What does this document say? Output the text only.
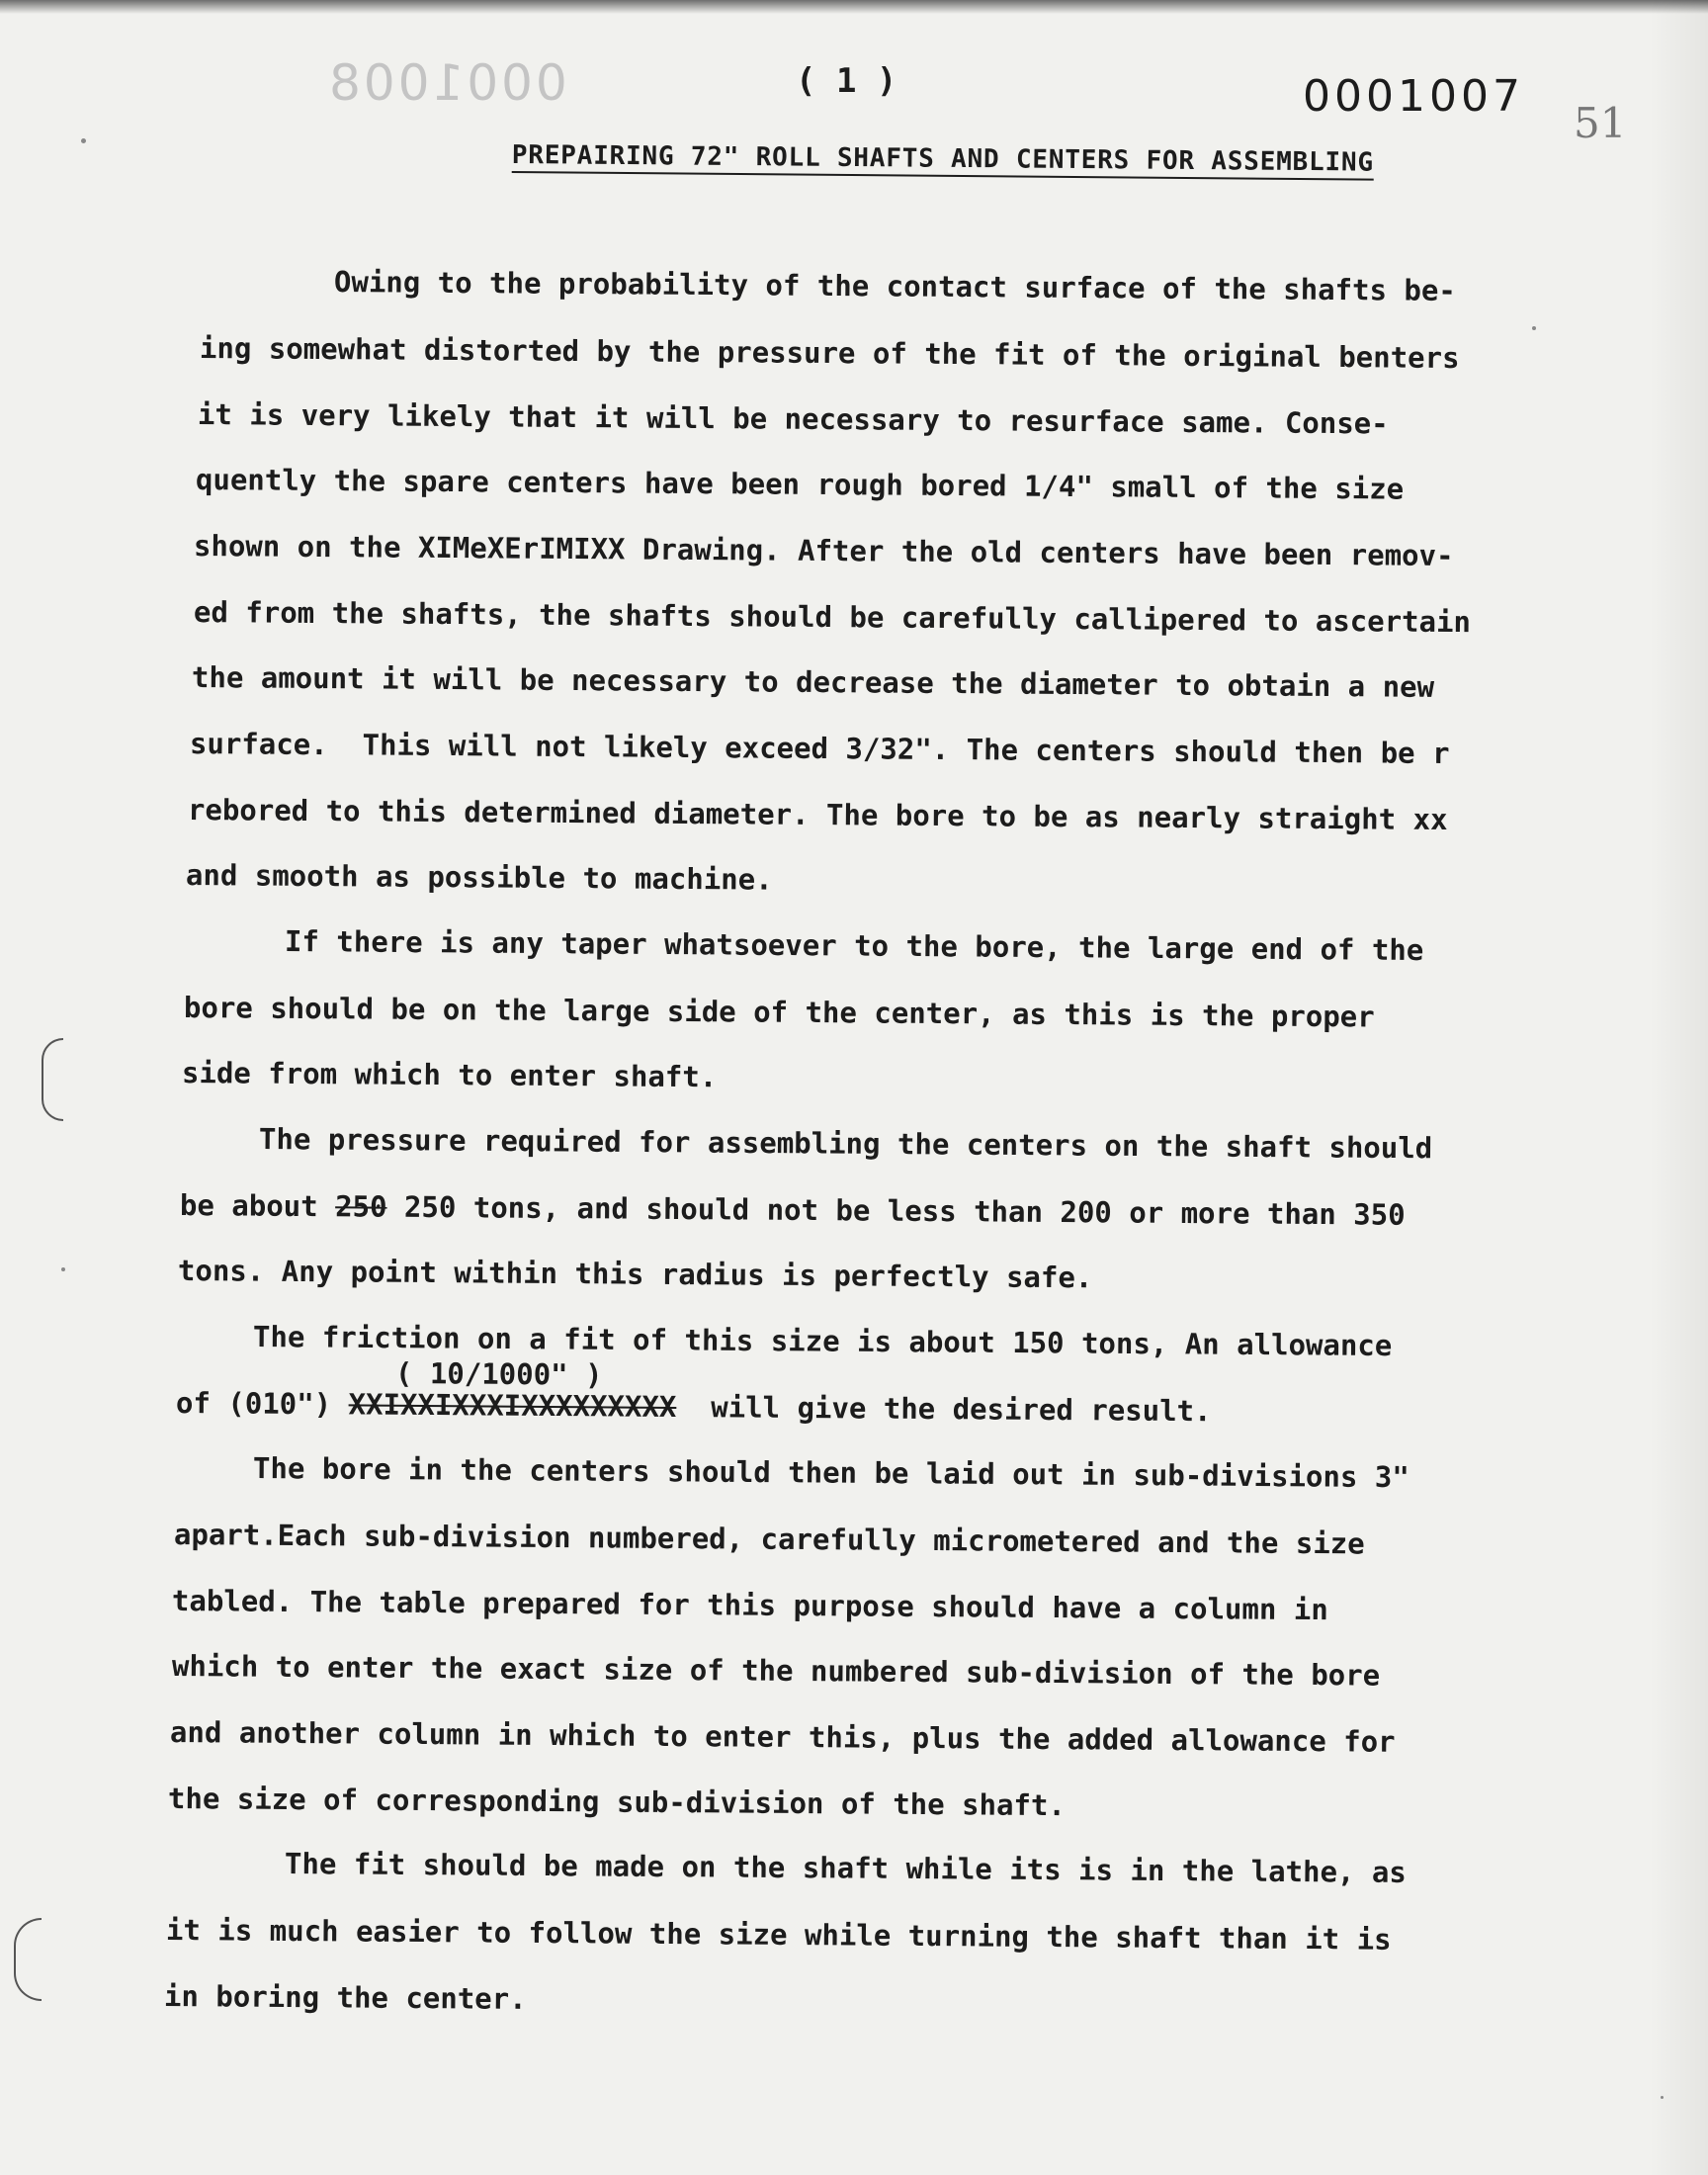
0001008	( 1 )	0001007
51
PREPAIRING 72" ROLL SHAFTS AND CENTERS FOR ASSEMBLING
Owing to the probability of the contact surface of the shafts be-
ing somewhat distorted by the pressure of the fit of the original benters
it is very likely that it will be necessary to resurface same. Conse-
quently the spare centers have been rough bored 1/4" small of the size
shown on the XIMeXErIMIXX Drawing. After the old centers have been remov-
ed from the shafts, the shafts should be carefully callipered to ascertain
the amount it will be necessary to decrease the diameter to obtain a new
surface.  This will not likely exceed 3/32". The centers should then be r
rebored to this determined diameter. The bore to be as nearly straight xx
and smooth as possible to machine.
If there is any taper whatsoever to the bore, the large end of the
bore should be on the large side of the center, as this is the proper
side from which to enter shaft.
The pressure required for assembling the centers on the shaft should
be about 250 250 tons, and should not be less than 200 or more than 350
tons. Any point within this radius is perfectly safe.
The friction on a fit of this size is about 150 tons, An allowance
( 10/1000" )
of (010") XXIXXIXXXIXXXXXXXXX will give the desired result.
The bore in the centers should then be laid out in sub-divisions 3"
apart.Each sub-division numbered, carefully micrometered and the size
tabled. The table prepared for this purpose should have a column in
which to enter the exact size of the numbered sub-division of the bore
and another column in which to enter this, plus the added allowance for
the size of corresponding sub-division of the shaft.
The fit should be made on the shaft while its is in the lathe, as
it is much easier to follow the size while turning the shaft than it is
in boring the center.
